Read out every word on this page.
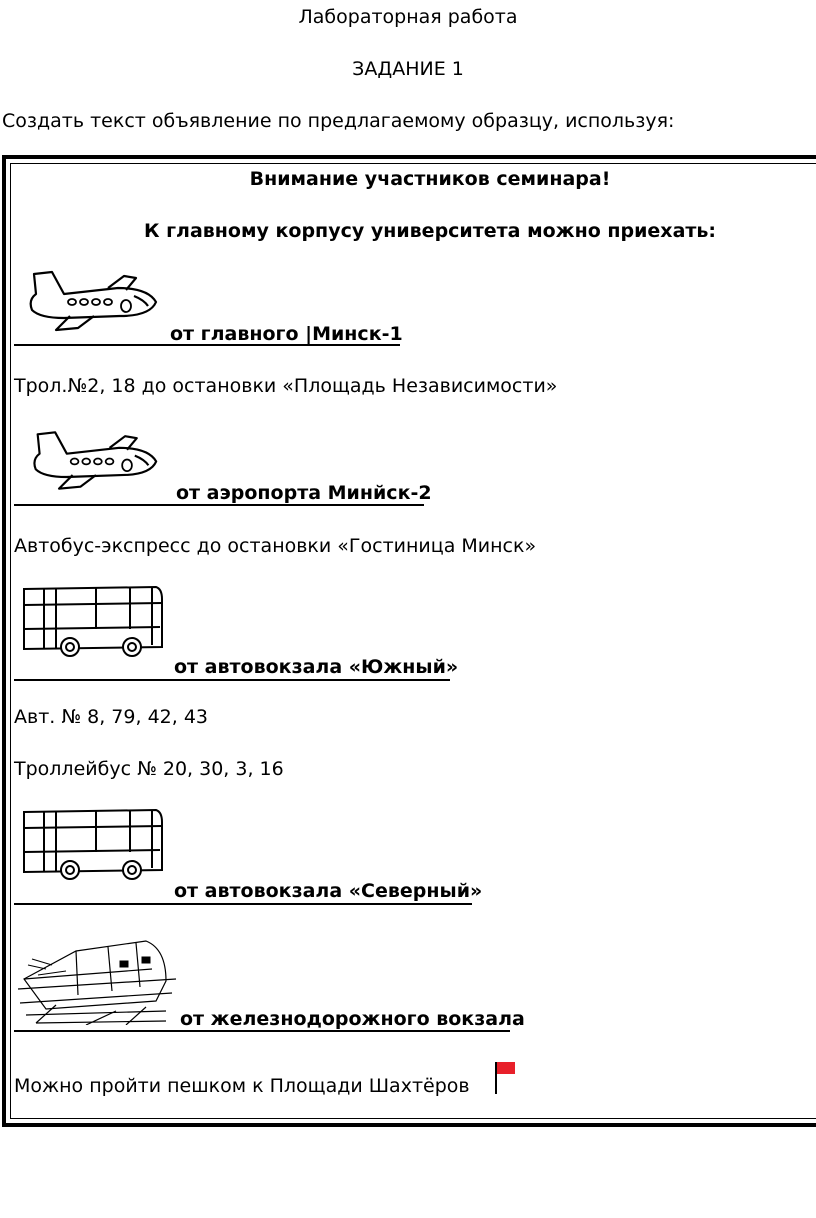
Лабораторная работа
ЗАДАНИЕ 1
Создать текст объявление по предлагаемому образцу, используя:
Внимание участников семинара!
К главному корпусу университета можно приехать:
от главного |Минск-1
Трол.№2, 18 до остановки «Площадь Независимости»
от аэропорта Минйск-2
Автобус-экспресс до остановки «Гостиница Минск»
от автовокзала «Южный»
Авт. № 8, 79, 42, 43
Троллейбус № 20, 30, 3, 16
от автовокзала «Северный»
от железнодорожного вокзала
Можно пройти пешком к Площади Шахтёров
